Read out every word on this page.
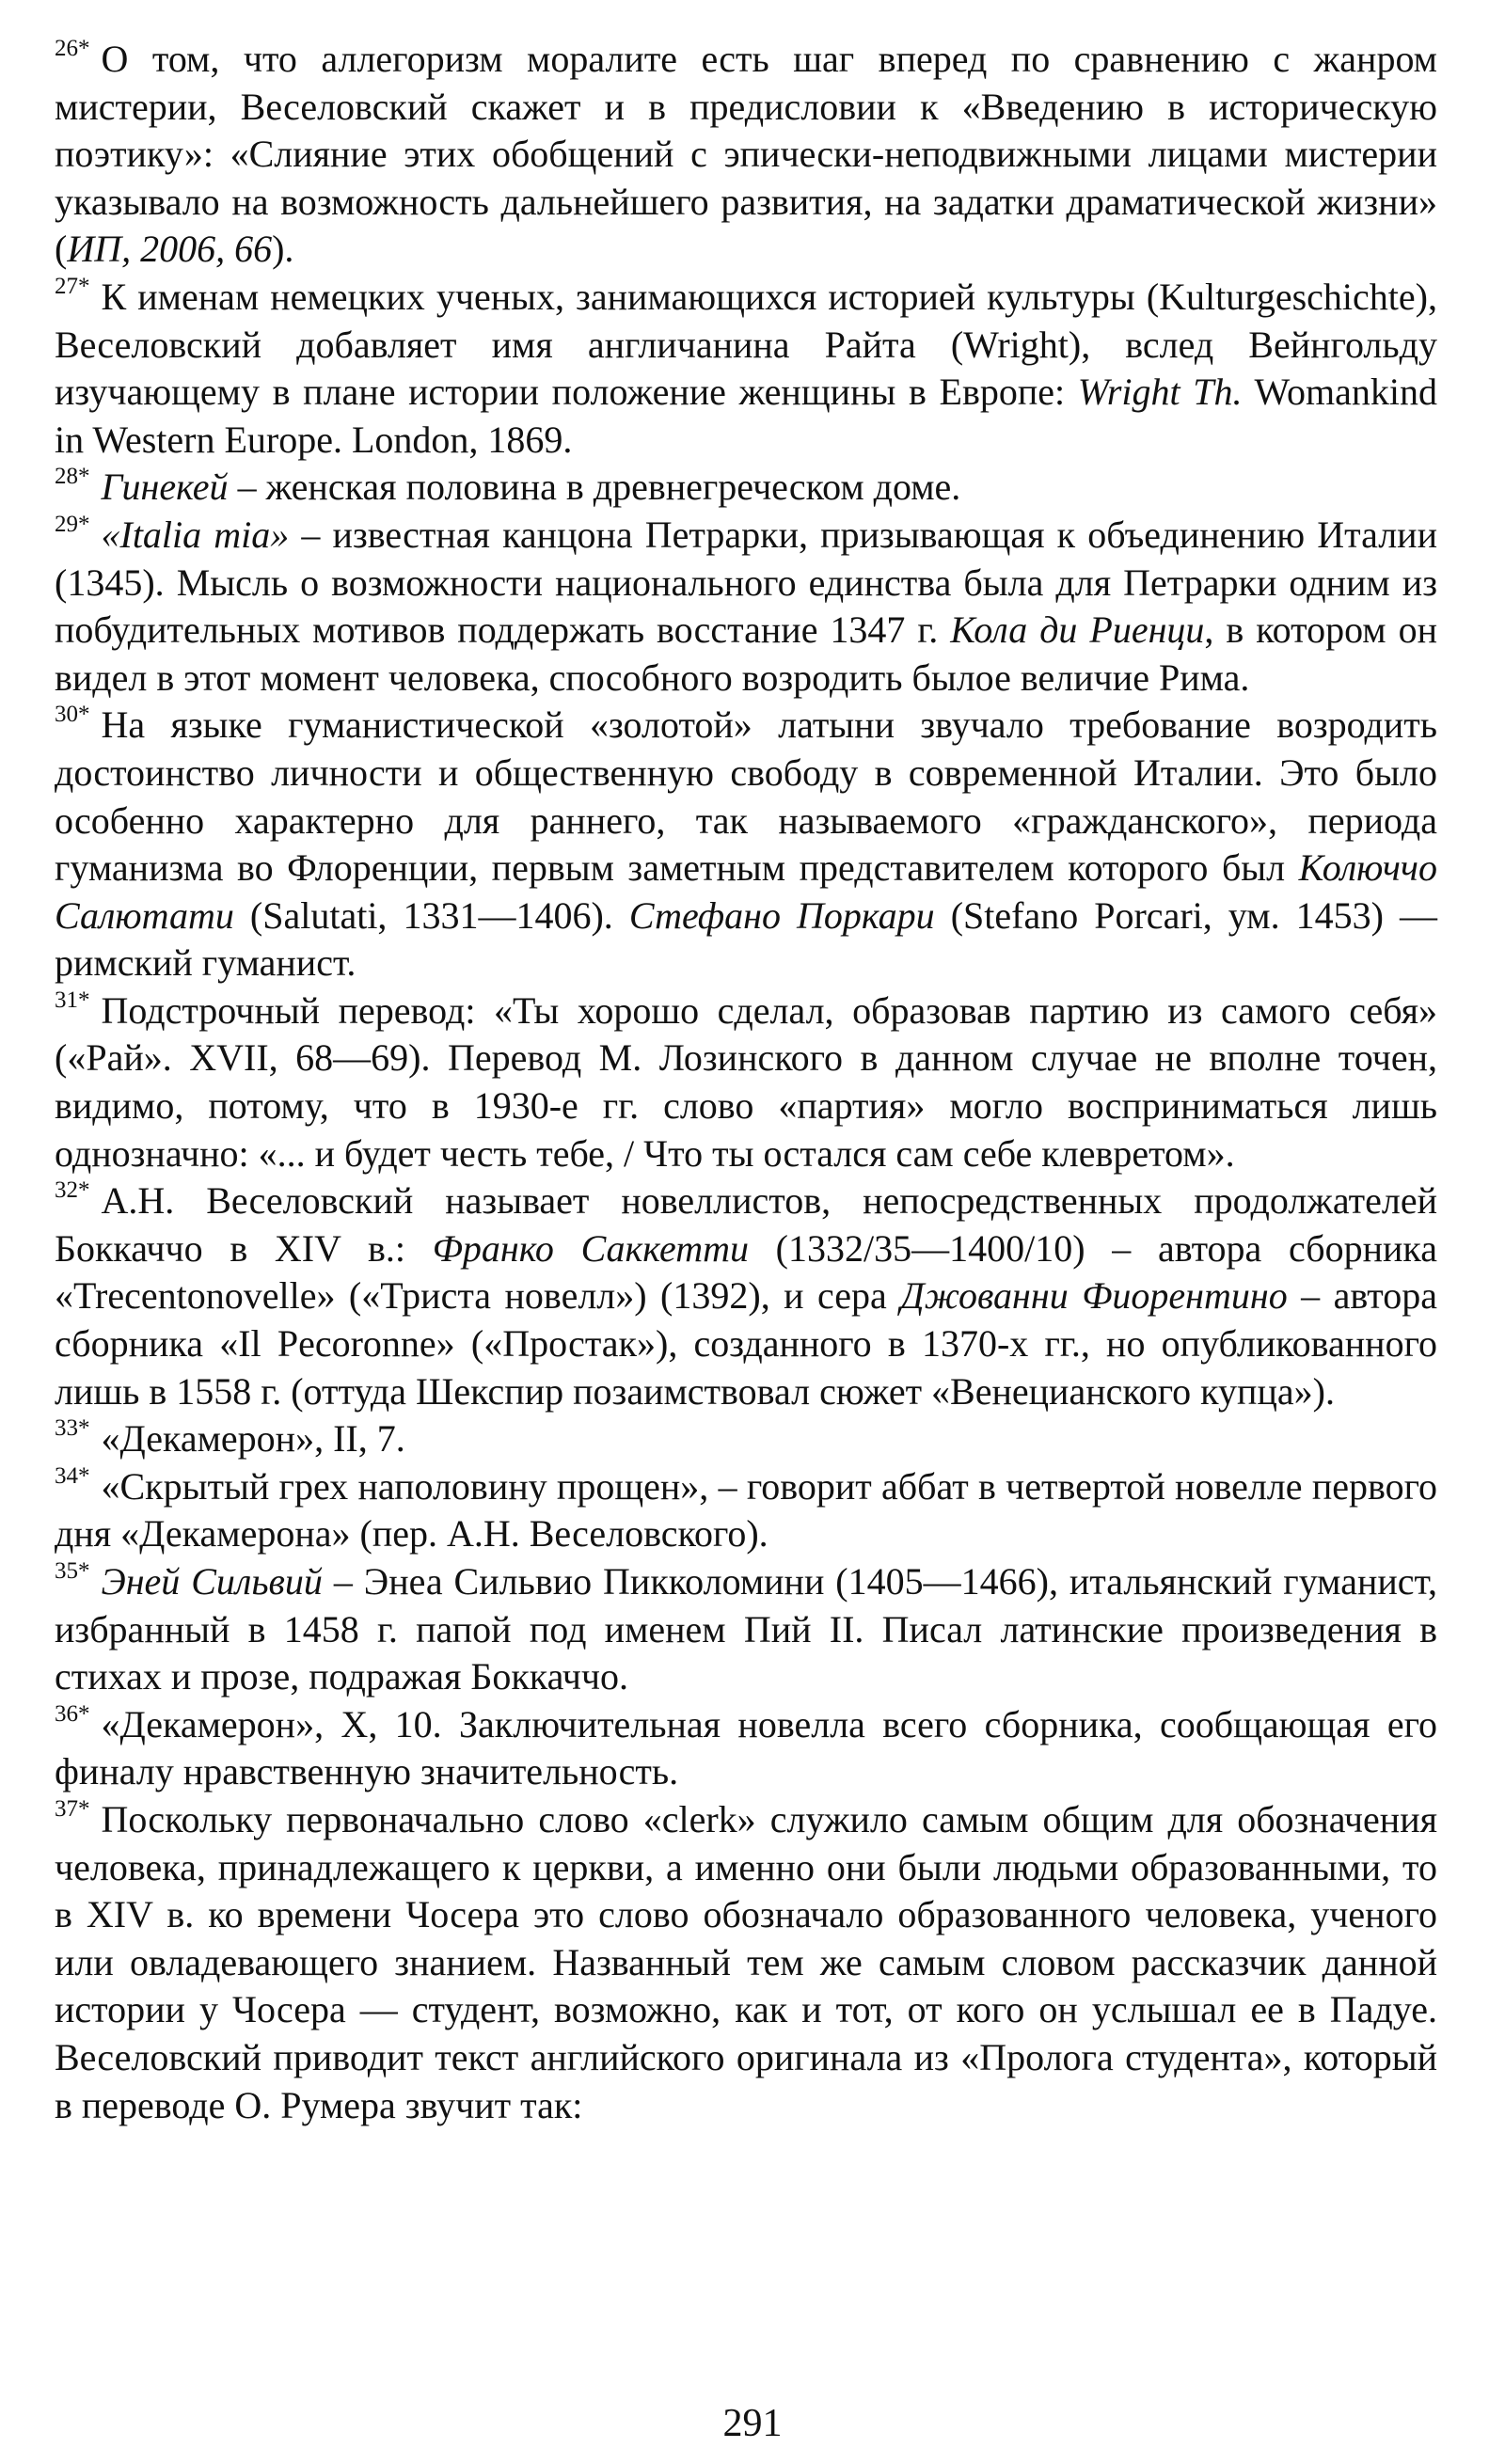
$^{26*}$ О том, что аллегоризм моралите есть шаг вперед по сравнению с жанром мистерии, Веселовский скажет и в предисловии к «Введению в историческую поэтику»: «Слияние этих обобщений с эпически-неподвижными лицами мистерии указывало на возможность дальнейшего развития, на задатки драматической жизни» (ИП, 2006, 66).

$^{27*}$ К именам немецких ученых, занимающихся историей культуры (Kulturgeschichte), Веселовский добавляет имя англичанина Райта (Wright), вслед Вейнгольду изучающему в плане истории положение женщины в Европе: Wright Th. Womankind in Western Europe. London, 1869.

$^{28*}$ Гинекей – женская половина в древнегреческом доме.

$^{29*}$ «Italia mia» – известная канцона Петрарки, призывающая к объединению Италии (1345). Мысль о возможности национального единства была для Петрарки одним из побудительных мотивов поддержать восстание 1347 г. Кола ди Риенци, в котором он видел в этот момент человека, способного возродить былое величие Рима.

$^{30*}$ На языке гуманистической «золотой» латыни звучало требование возродить достоинство личности и общественную свободу в современной Италии. Это было особенно характерно для раннего, так называемого «гражданского», периода гуманизма во Флоренции, первым заметным представителем которого был Колюччо Салютати (Salutati, 1331—1406). Стефано Поркари (Stefano Porcari, ум. 1453) — римский гуманист.

$^{31*}$ Подстрочный перевод: «Ты хорошо сделал, образовав партию из самого себя» («Рай». XVII, 68—69). Перевод М. Лозинского в данном случае не вполне точен, видимо, потому, что в 1930-е гг. слово «партия» могло восприниматься лишь однозначно: «... и будет честь тебе, / Что ты остался сам себе клевретом».

$^{32*}$ А.Н. Веселовский называет новеллистов, непосредственных продолжателей Боккаччо в XIV в.: Франко Саккетти (1332/35—1400/10) – автора сборника «Trecentonovelle» («Триста новелл») (1392), и сера Джованни Фиорентино – автора сборника «Il Pecoronne» («Простак»), созданного в 1370-х гг., но опубликованного лишь в 1558 г. (оттуда Шекспир позаимствовал сюжет «Венецианского купца»).

$^{33*}$ «Декамерон», II, 7.

$^{34*}$ «Скрытый грех наполовину прощен», – говорит аббат в четвертой новелле первого дня «Декамерона» (пер. А.Н. Веселовского).

$^{35*}$ Эней Сильвий – Энеа Сильвио Пикколомини (1405—1466), итальянский гуманист, избранный в 1458 г. папой под именем Пий II. Писал латинские произведения в стихах и прозе, подражая Боккаччо.

$^{36*}$ «Декамерон», X, 10. Заключительная новелла всего сборника, сообщающая его финалу нравственную значительность.

$^{37*}$ Поскольку первоначально слово «clerk» служило самым общим для обозначения человека, принадлежащего к церкви, а именно они были людьми образованными, то в XIV в. ко времени Чосера это слово обозначало образованного человека, ученого или овладевающего знанием. Названный тем же самым словом рассказчик данной истории у Чосера — студент, возможно, как и тот, от кого он услышал ее в Падуе. Веселовский приводит текст английского оригинала из «Пролога студента», который в переводе О. Румера звучит так:

291
